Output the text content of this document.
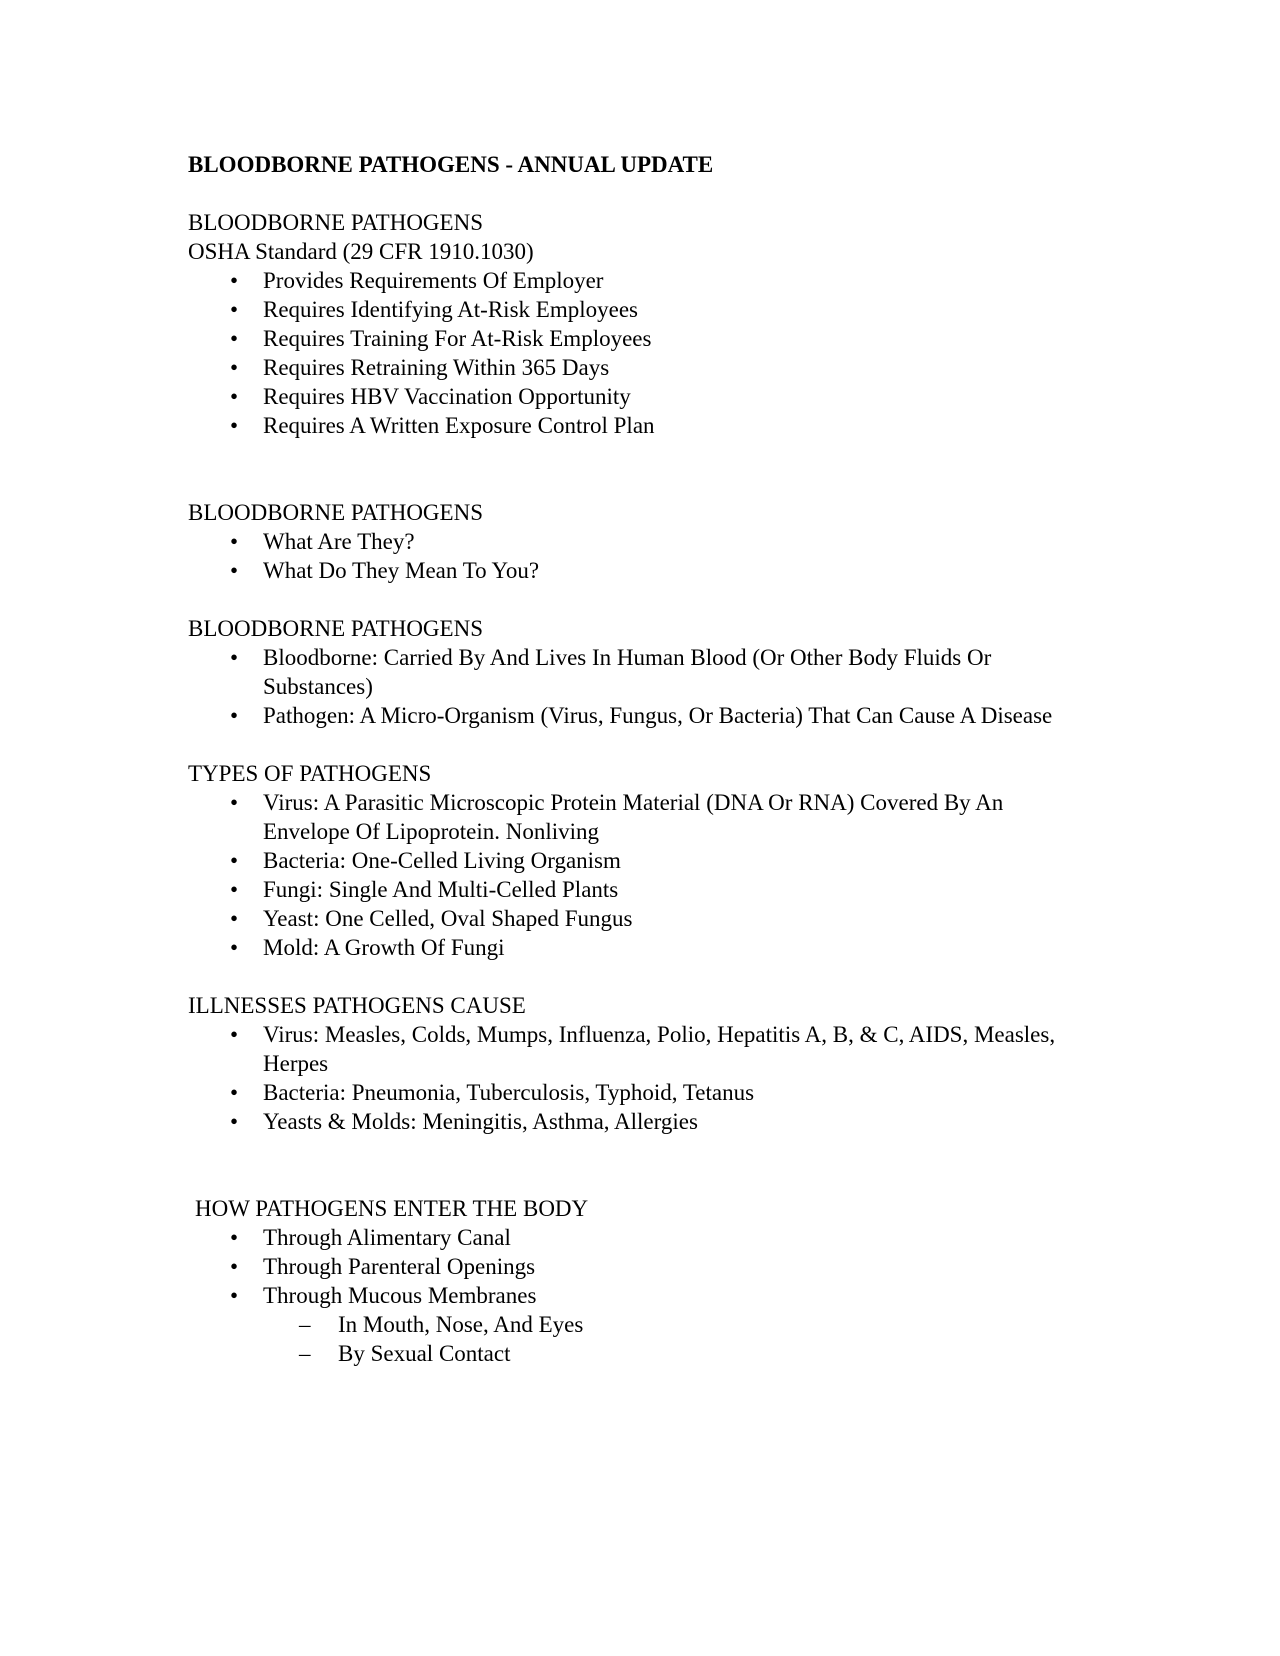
BLOODBORNE PATHOGENS - ANNUAL UPDATE

BLOODBORNE PATHOGENS

OSHA Standard (29 CFR 1910.1030)

• Provides Requirements Of Employer
• Requires Identifying At-Risk Employees
• Requires Training For At-Risk Employees
• Requires Retraining Within 365 Days
• Requires HBV Vaccination Opportunity
• Requires A Written Exposure Control Plan

BLOODBORNE PATHOGENS

• What Are They?
• What Do They Mean To You?

BLOODBORNE PATHOGENS

• Bloodborne: Carried By And Lives In Human Blood (Or Other Body Fluids Or Substances)
• Pathogen: A Micro-Organism (Virus, Fungus, Or Bacteria) That Can Cause A Disease

TYPES OF PATHOGENS

• Virus: A Parasitic Microscopic Protein Material (DNA Or RNA) Covered By An Envelope Of Lipoprotein. Nonliving
• Bacteria: One-Celled Living Organism
• Fungi: Single And Multi-Celled Plants
• Yeast: One Celled, Oval Shaped Fungus
• Mold: A Growth Of Fungi

ILLNESSES PATHOGENS CAUSE

• Virus: Measles, Colds, Mumps, Influenza, Polio, Hepatitis A, B, & C, AIDS, Measles, Herpes
• Bacteria: Pneumonia, Tuberculosis, Typhoid, Tetanus
• Yeasts & Molds: Meningitis, Asthma, Allergies

HOW PATHOGENS ENTER THE BODY

• Through Alimentary Canal
• Through Parenteral Openings
• Through Mucous Membranes
– In Mouth, Nose, And Eyes
– By Sexual Contact
